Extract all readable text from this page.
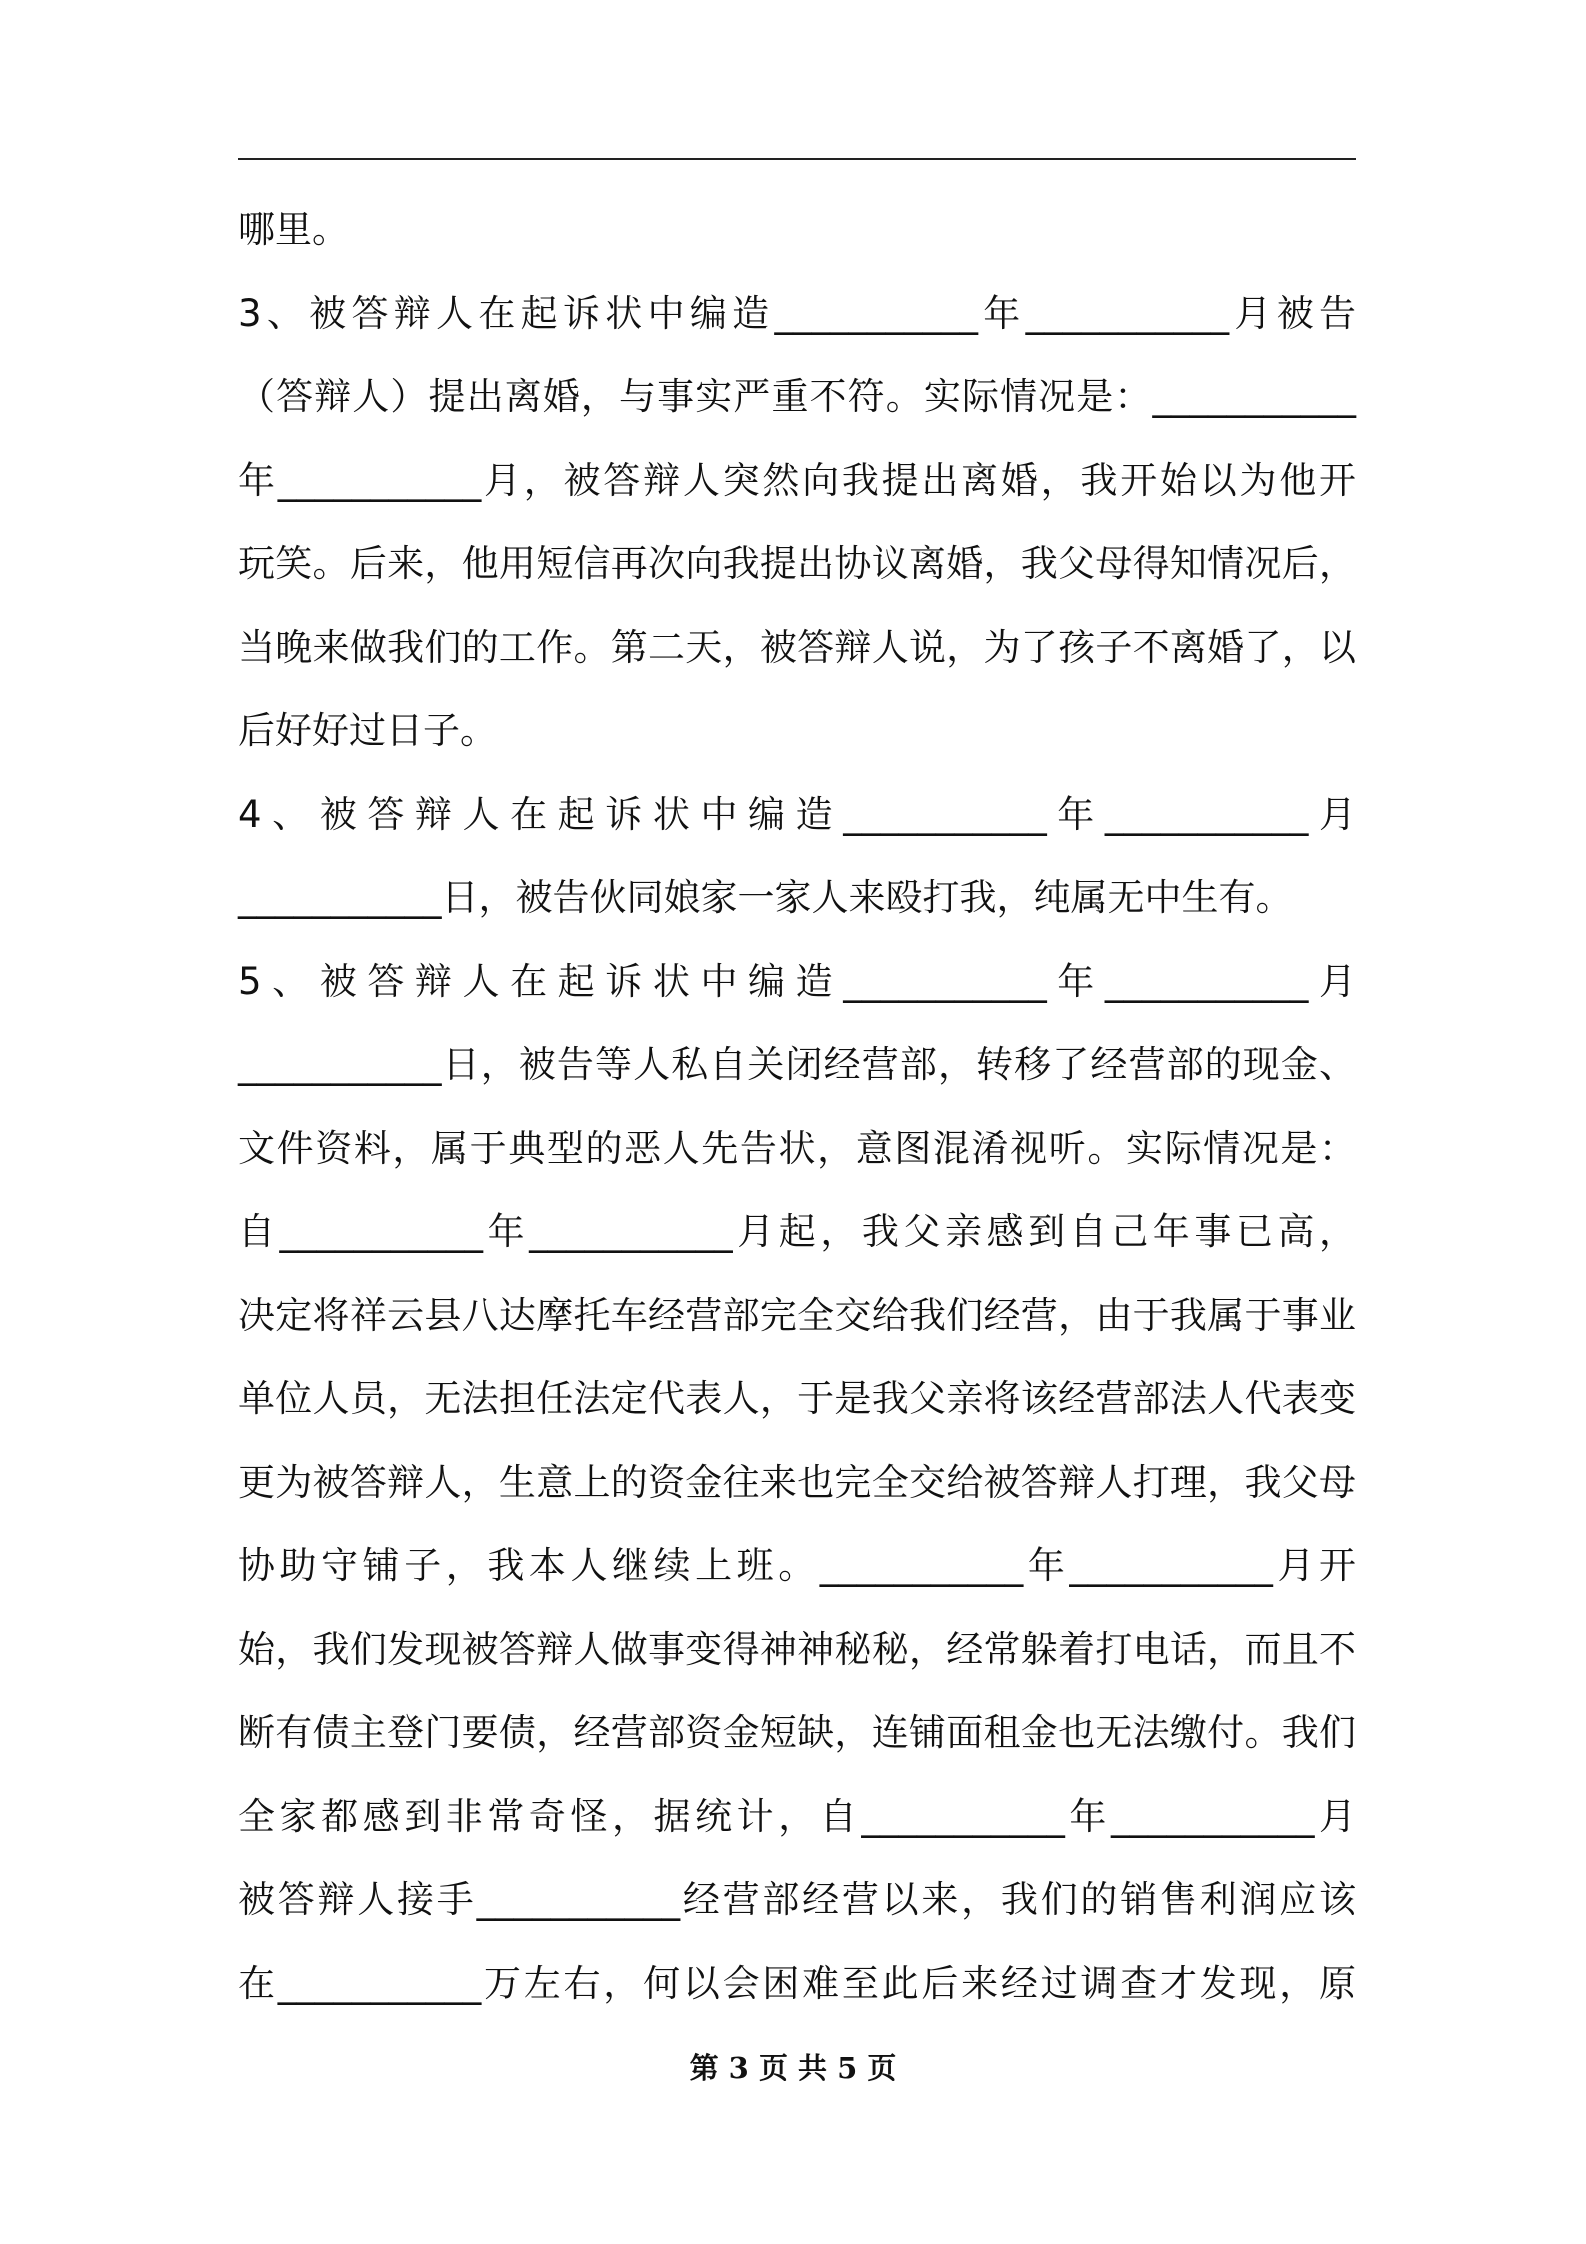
哪里。
3、被答辩人在起诉状中编造___________年___________月被告
（答辩人）提出离婚，与事实严重不符。实际情况是：___________
年___________月，被答辩人突然向我提出离婚，我开始以为他开
玩笑。后来，他用短信再次向我提出协议离婚，我父母得知情况后，
当晚来做我们的工作。第二天，被答辩人说，为了孩子不离婚了，以
后好好过日子。
4、被答辩人在起诉状中编造___________年___________月
___________日，被告伙同娘家一家人来殴打我，纯属无中生有。
5、被答辩人在起诉状中编造___________年___________月
___________日，被告等人私自关闭经营部，转移了经营部的现金、
文件资料，属于典型的恶人先告状，意图混淆视听。实际情况是：
自___________年___________月起，我父亲感到自己年事已高，
决定将祥云县八达摩托车经营部完全交给我们经营，由于我属于事业
单位人员，无法担任法定代表人，于是我父亲将该经营部法人代表变
更为被答辩人，生意上的资金往来也完全交给被答辩人打理，我父母
协助守铺子，我本人继续上班。___________年___________月开
始，我们发现被答辩人做事变得神神秘秘，经常躲着打电话，而且不
断有债主登门要债，经营部资金短缺，连铺面租金也无法缴付。我们
全家都感到非常奇怪，据统计，自___________年___________月
被答辩人接手___________经营部经营以来，我们的销售利润应该
在___________万左右，何以会困难至此后来经过调查才发现，原
第 3 页 共 5 页
